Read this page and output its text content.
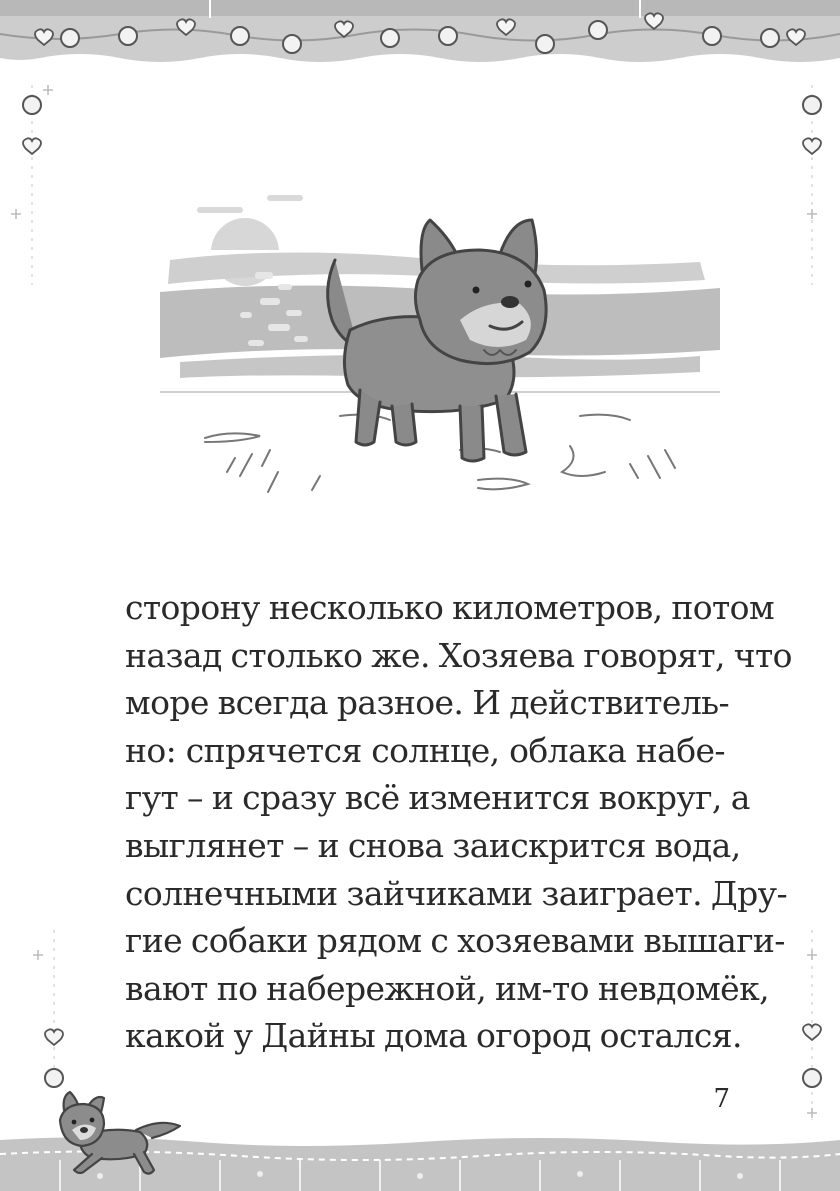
сторону несколько километров, потом
назад столько же. Хозяева говорят, что
море всегда разное. И действитель-
но: спрячется солнце, облака набе-
гут – и сразу всё изменится вокруг, а
выглянет – и снова заискрится вода,
солнечными зайчиками заиграет. Дру-
гие собаки рядом с хозяевами вышаги-
вают по набережной, им-то невдомёк,
какой у Дайны дома огород остался.
7
